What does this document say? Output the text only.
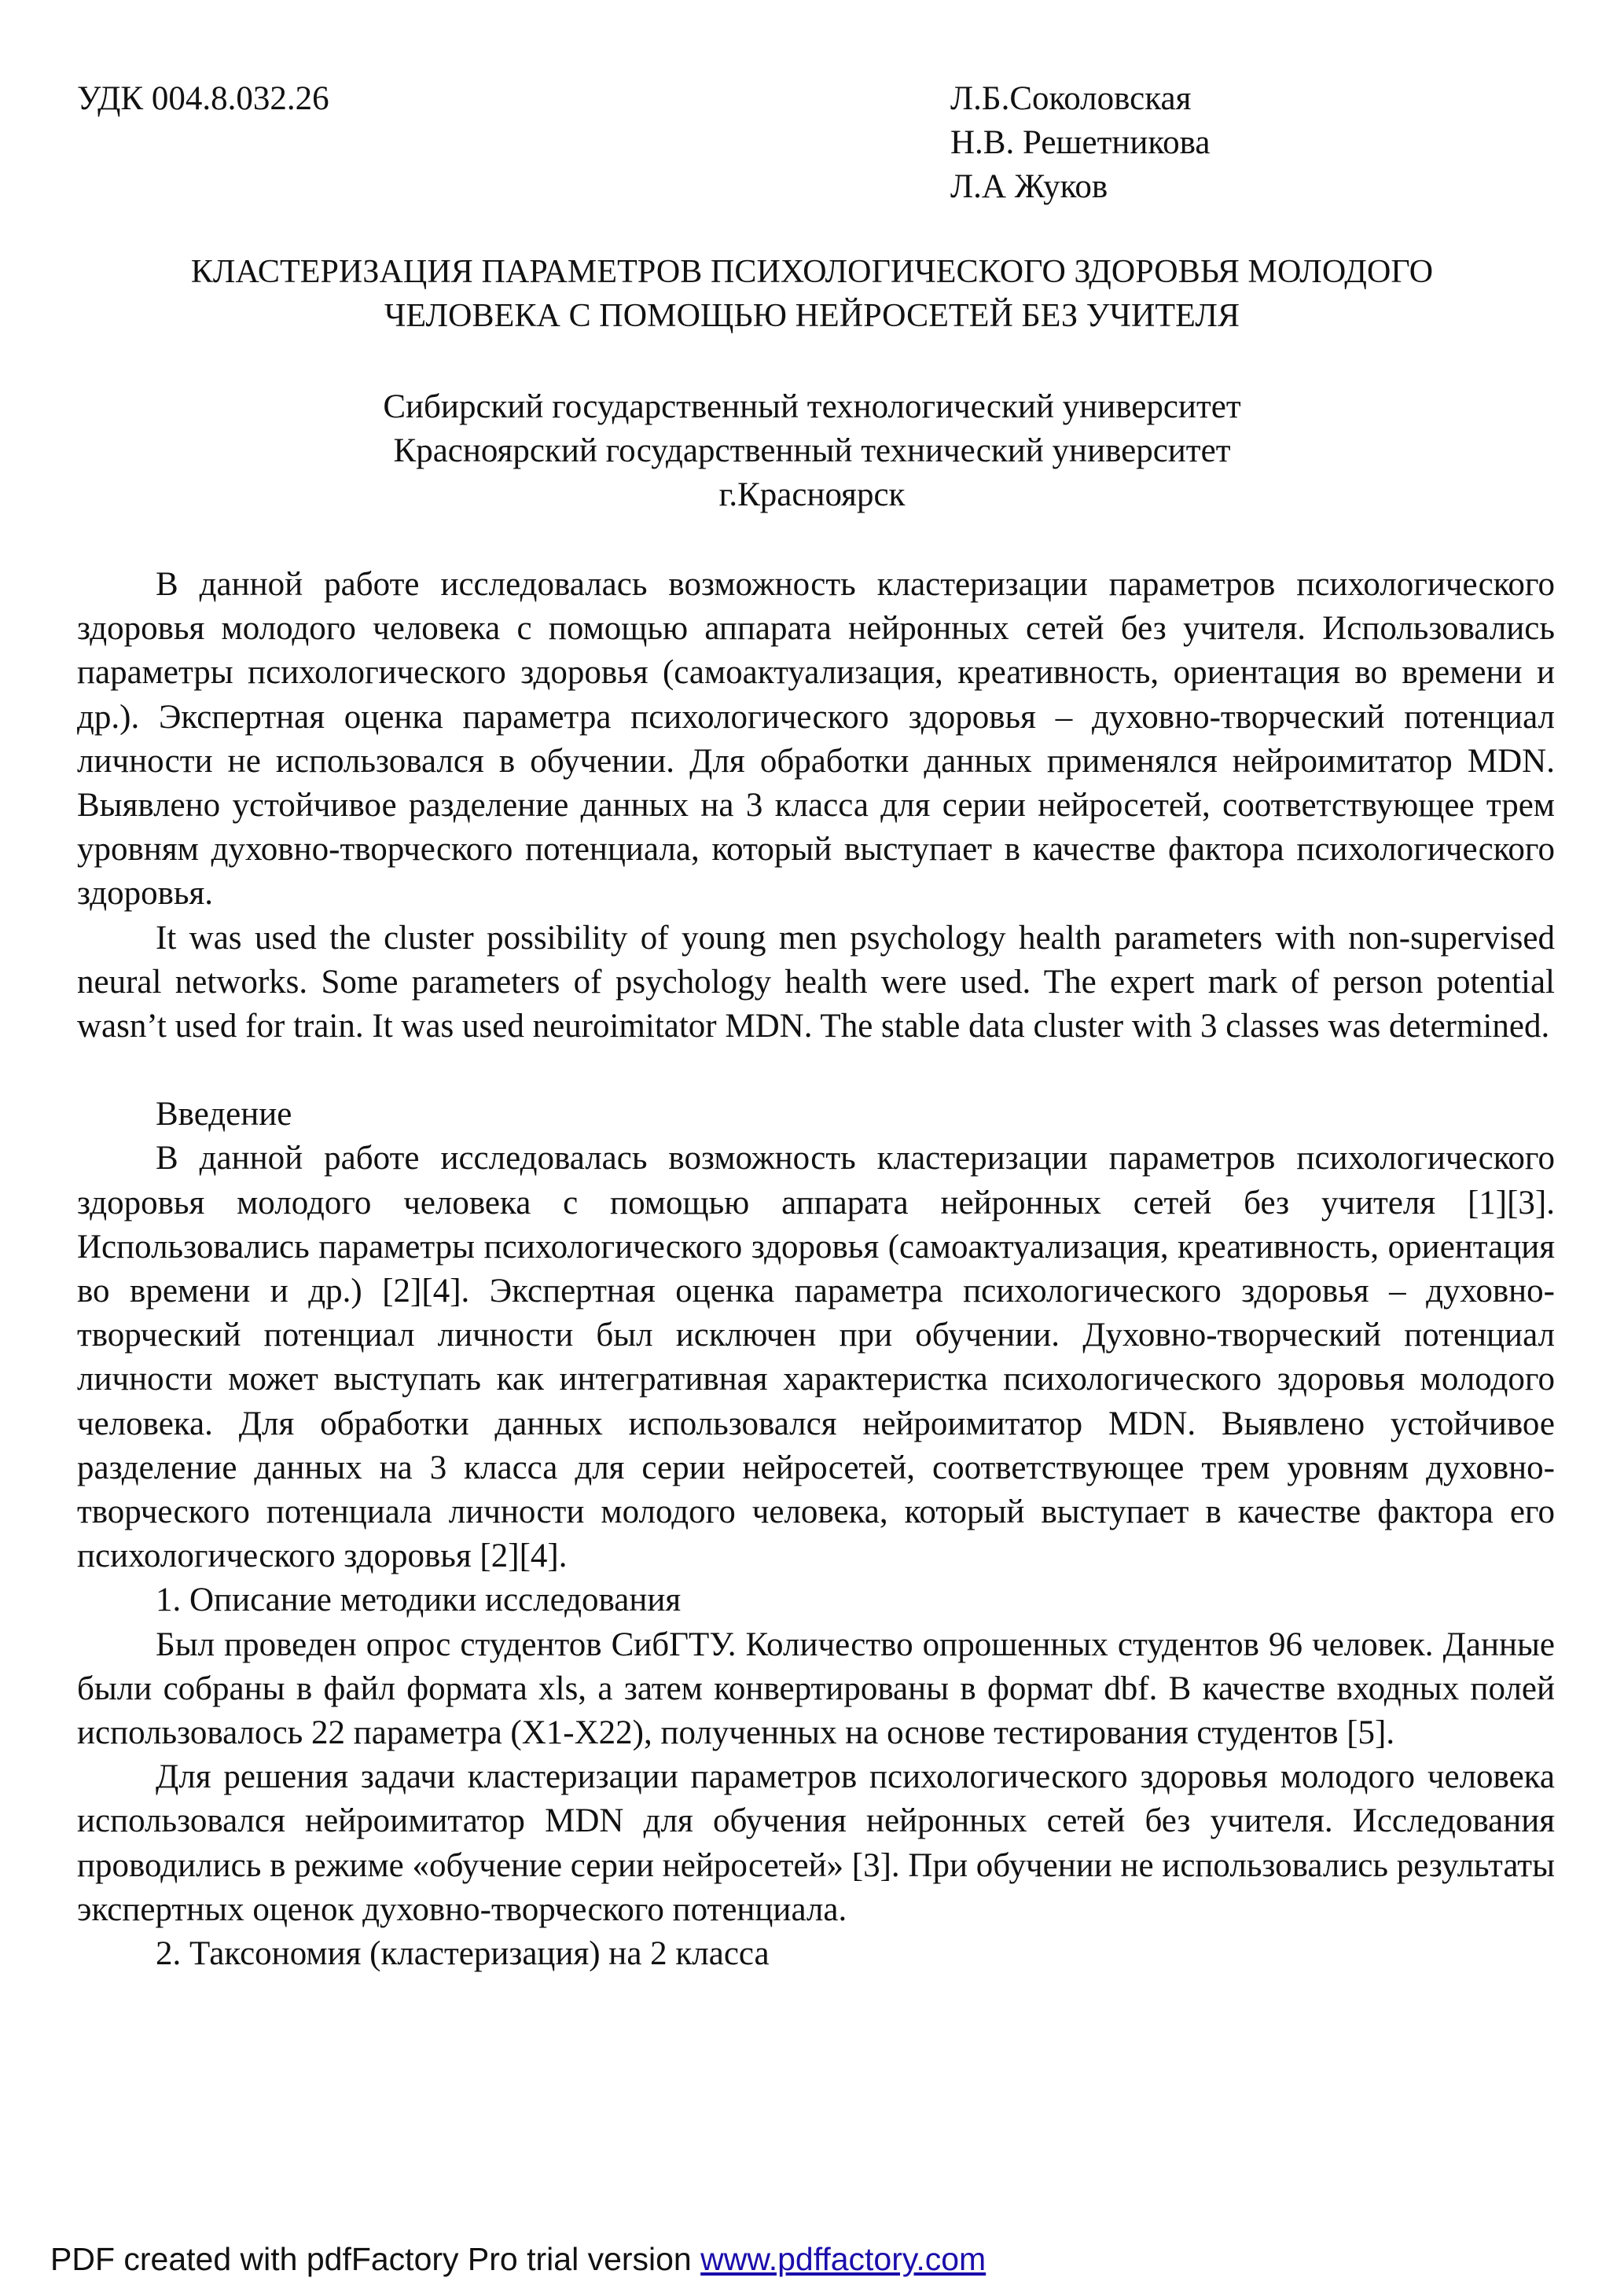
УДК 004.8.032.26	Л.Б.Соколовская
Н.В. Решетникова
Л.А Жуков
КЛАСТЕРИЗАЦИЯ ПАРАМЕТРОВ ПСИХОЛОГИЧЕСКОГО ЗДОРОВЬЯ МОЛОДОГО
ЧЕЛОВЕКА С ПОМОЩЬЮ НЕЙРОСЕТЕЙ БЕЗ УЧИТЕЛЯ
Сибирский государственный технологический университет
Красноярский государственный технический университет
г.Красноярск

В данной работе исследовалась возможность кластеризации параметров психологического здоровья молодого человека с помощью аппарата нейронных сетей без учителя. Использовались параметры психологического здоровья (самоактуализация, креативность, ориентация во времени и др.). Экспертная оценка параметра психологического здоровья – духовно-творческий потенциал личности не использовался в обучении. Для обработки данных применялся нейроимитатор MDN. Выявлено устойчивое разделение данных на 3 класса для серии нейросетей, соответствующее трем уровням духовно-творческого потенциала, который выступает в качестве фактора психологического здоровья.

It was used the cluster possibility of young men psychology health parameters with non-supervised neural networks. Some parameters of psychology health were used. The expert mark of person potential wasn’t used for train. It was used neuroimitator MDN. The stable data cluster with 3 classes was determined.

Введение

В данной работе исследовалась возможность кластеризации параметров психологического здоровья молодого человека с помощью аппарата нейронных сетей без учителя [1][3]. Использовались параметры психологического здоровья (самоактуализация, креативность, ориентация во времени и др.) [2][4]. Экспертная оценка параметра психологического здоровья – духовно-творческий потенциал личности был исключен при обучении. Духовно-творческий потенциал личности может выступать как интегративная характеристка психологического здоровья молодого человека. Для обработки данных использовался нейроимитатор MDN. Выявлено устойчивое разделение данных на 3 класса для серии нейросетей, соответствующее трем уровням духовно-творческого потенциала личности молодого человека, который выступает в качестве фактора его психологического здоровья [2][4].

1. Описание методики исследования

Был проведен опрос студентов СибГТУ. Количество опрошенных студентов 96 человек. Данные были собраны в файл формата xls, а затем конвертированы в формат dbf. В качестве входных полей использовалось 22 параметра (X1-X22), полученных на основе тестирования студентов [5].

Для решения задачи кластеризации параметров психологического здоровья молодого человека использовался нейроимитатор MDN для обучения нейронных сетей без учителя. Исследования проводились в режиме «обучение серии нейросетей» [3]. При обучении не использовались результаты экспертных оценок духовно-творческого потенциала.

2. Таксономия (кластеризация) на 2 класса

PDF created with pdfFactory Pro trial version www.pdffactory.com
